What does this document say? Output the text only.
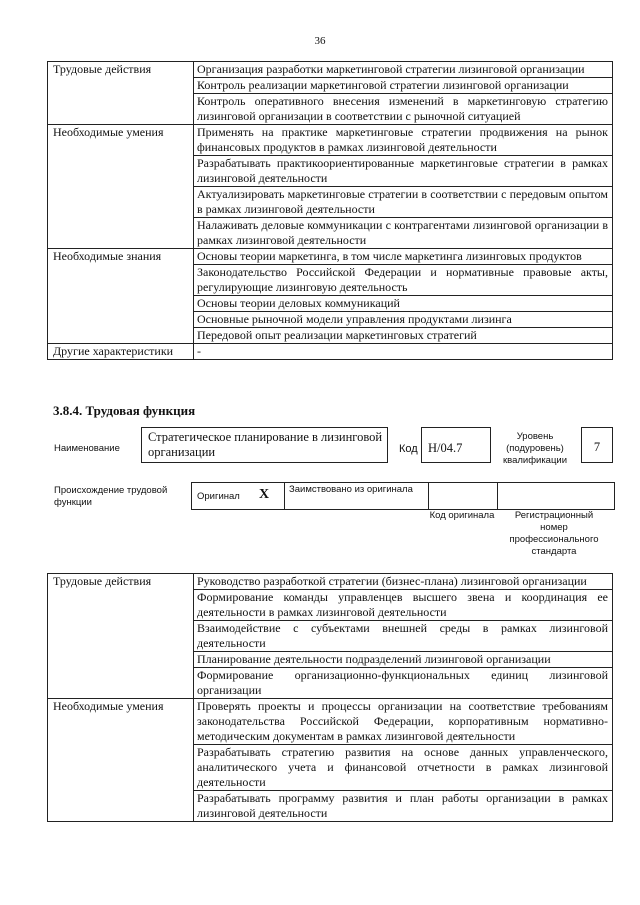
36
Трудовые действия	Организация разработки маркетинговой стратегии лизинговой организации
	Контроль реализации маркетинговой стратегии лизинговой организации
	Контроль оперативного внесения изменений в маркетинговую стратегию лизинговой организации в соответствии с рыночной ситуацией
Необходимые умения	Применять на практике маркетинговые стратегии продвижения на рынок финансовых продуктов в рамках лизинговой деятельности
	Разрабатывать практикоориентированные маркетинговые стратегии в рамках лизинговой деятельности
	Актуализировать маркетинговые стратегии в соответствии с передовым опытом в рамках лизинговой деятельности
	Налаживать деловые коммуникации с контрагентами лизинговой организации в рамках лизинговой деятельности
Необходимые знания	Основы теории маркетинга, в том числе маркетинга лизинговых продуктов
	Законодательство Российской Федерации и нормативные правовые акты, регулирующие лизинговую деятельность
	Основы теории деловых коммуникаций
	Основные рыночной модели управления продуктами лизинга
	Передовой опыт реализации маркетинговых стратегий
Другие характеристики	-
3.8.4. Трудовая функция
Наименование
Стратегическое планирование в лизинговой организации	Код Н/04.7
Уровень (подуровень) квалификации
7
Происхождение трудовой функции
Оригинал X Заимствовано из оригинала
Код оригинала	Регистрационный номер профессионального стандарта
Трудовые действия	Руководство разработкой стратегии (бизнес-плана) лизинговой организации
	Формирование команды управленцев высшего звена и координация ее деятельности в рамках лизинговой деятельности
	Взаимодействие с субъектами внешней среды в рамках лизинговой деятельности
	Планирование деятельности подразделений лизинговой организации
	Формирование организационно-функциональных единиц лизинговой организации
Необходимые умения	Проверять проекты и процессы организации на соответствие требованиям законодательства Российской Федерации, корпоративным нормативно-методическим документам в рамках лизинговой деятельности
	Разрабатывать стратегию развития на основе данных управленческого, аналитического учета и финансовой отчетности в рамках лизинговой деятельности
	Разрабатывать программу развития и план работы организации в рамках лизинговой деятельности
